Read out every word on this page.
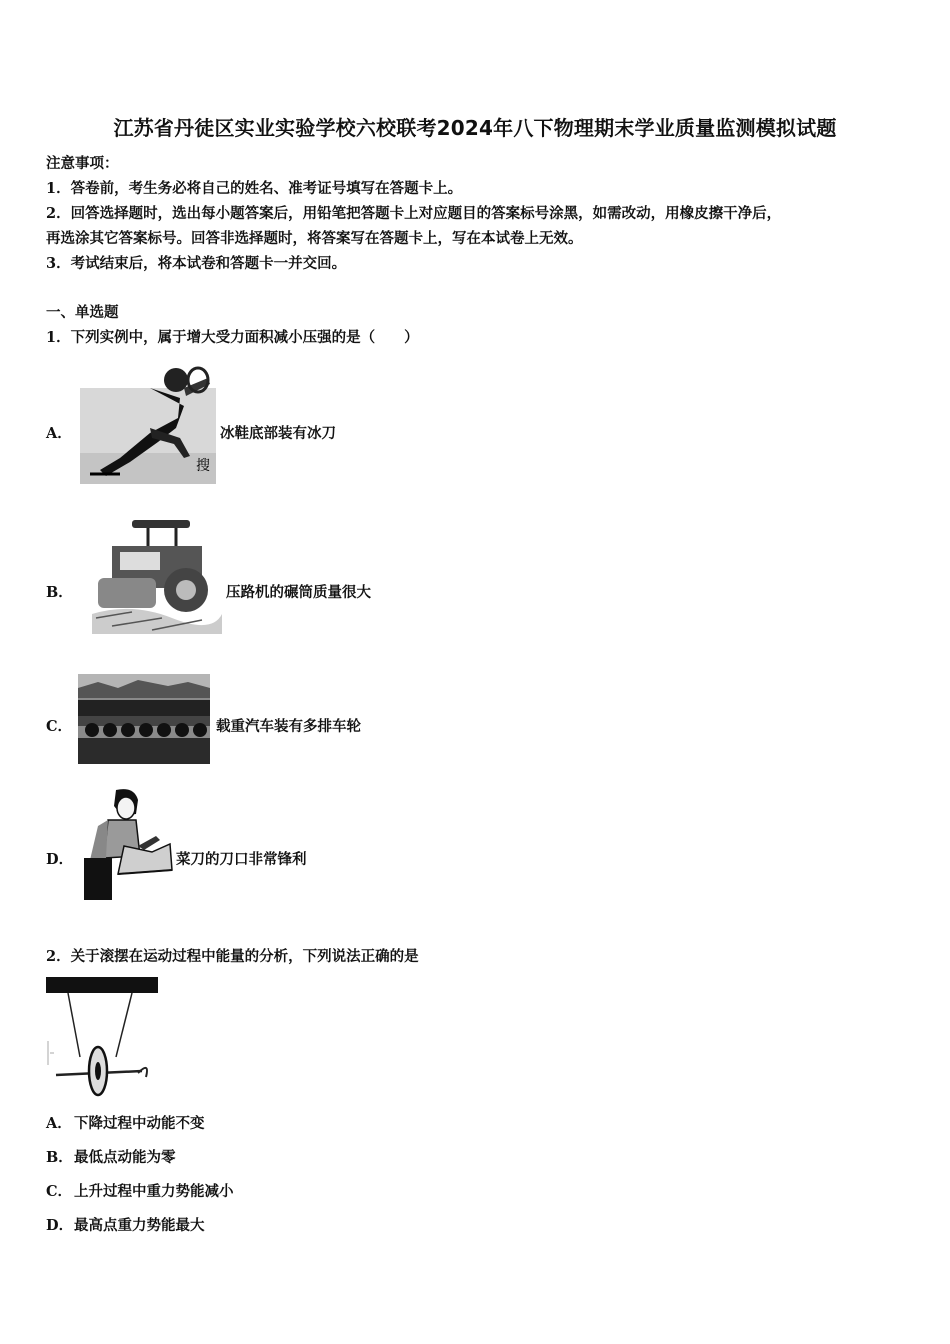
江苏省丹徒区实业实验学校六校联考2024年八下物理期末学业质量监测模拟试题
注意事项：
1．答卷前，考生务必将自己的姓名、准考证号填写在答题卡上。
2．回答选择题时，选出每小题答案后，用铅笔把答题卡上对应题目的答案标号涂黑，如需改动，用橡皮擦干净后，
再选涂其它答案标号。回答非选择题时，将答案写在答题卡上，写在本试卷上无效。
3．考试结束后，将本试卷和答题卡一并交回。
一、单选题
1．下列实例中，属于增大受力面积减小压强的是（　　）
A．
搜
冰鞋底部装有冰刀
B．	压路机的碾筒质量很大
C．	载重汽车装有多排车轮
D．	菜刀的刀口非常锋利
2．关于滚摆在运动过程中能量的分析，下列说法正确的是
A． 下降过程中动能不变
B．最低点动能为零
C． 上升过程中重力势能减小
D．最高点重力势能最大
